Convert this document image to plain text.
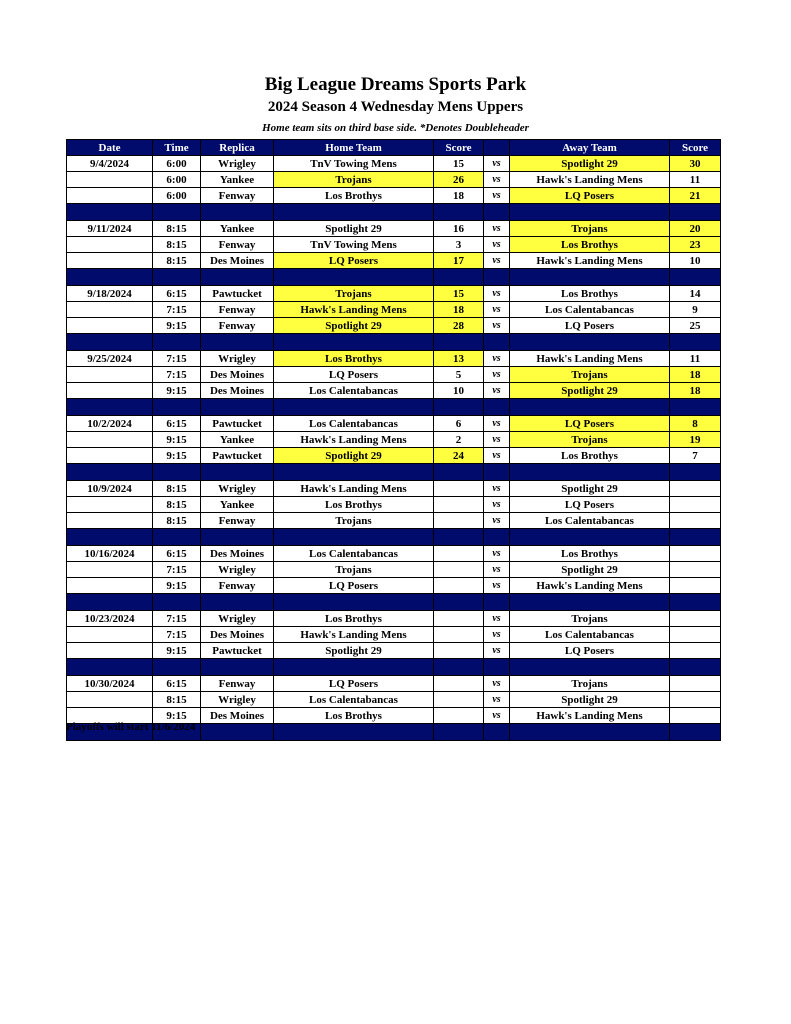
Big League Dreams Sports Park
2024 Season 4 Wednesday Mens Uppers
Home team sits on third base side. *Denotes Doubleheader
Date	Time	Replica	Home Team	Score		Away Team	Score
9/4/2024	6:00	Wrigley	TnV Towing Mens	15	vs	Spotlight 29	30
	6:00	Yankee	Trojans	26	vs	Hawk's Landing Mens	11
	6:00	Fenway	Los Brothys	18	vs	LQ Posers	21

9/11/2024	8:15	Yankee	Spotlight 29	16	vs	Trojans	20
	8:15	Fenway	TnV Towing Mens	3	vs	Los Brothys	23
	8:15	Des Moines	LQ Posers	17	vs	Hawk's Landing Mens	10

9/18/2024	6:15	Pawtucket	Trojans	15	vs	Los Brothys	14
	7:15	Fenway	Hawk's Landing Mens	18	vs	Los Calentabancas	9
	9:15	Fenway	Spotlight 29	28	vs	LQ Posers	25

9/25/2024	7:15	Wrigley	Los Brothys	13	vs	Hawk's Landing Mens	11
	7:15	Des Moines	LQ Posers	5	vs	Trojans	18
	9:15	Des Moines	Los Calentabancas	10	vs	Spotlight 29	18

10/2/2024	6:15	Pawtucket	Los Calentabancas	6	vs	LQ Posers	8
	9:15	Yankee	Hawk's Landing Mens	2	vs	Trojans	19
	9:15	Pawtucket	Spotlight 29	24	vs	Los Brothys	7

10/9/2024	8:15	Wrigley	Hawk's Landing Mens		vs	Spotlight 29	
	8:15	Yankee	Los Brothys		vs	LQ Posers	
	8:15	Fenway	Trojans		vs	Los Calentabancas	

10/16/2024	6:15	Des Moines	Los Calentabancas		vs	Los Brothys	
	7:15	Wrigley	Trojans		vs	Spotlight 29	
	9:15	Fenway	LQ Posers		vs	Hawk's Landing Mens	

10/23/2024	7:15	Wrigley	Los Brothys		vs	Trojans	
	7:15	Des Moines	Hawk's Landing Mens		vs	Los Calentabancas	
	9:15	Pawtucket	Spotlight 29		vs	LQ Posers	

10/30/2024	6:15	Fenway	LQ Posers		vs	Trojans	
	8:15	Wrigley	Los Calentabancas		vs	Spotlight 29	
	9:15	Des Moines	Los Brothys		vs	Hawk's Landing Mens	

Playoffs will start 11/6/2024
